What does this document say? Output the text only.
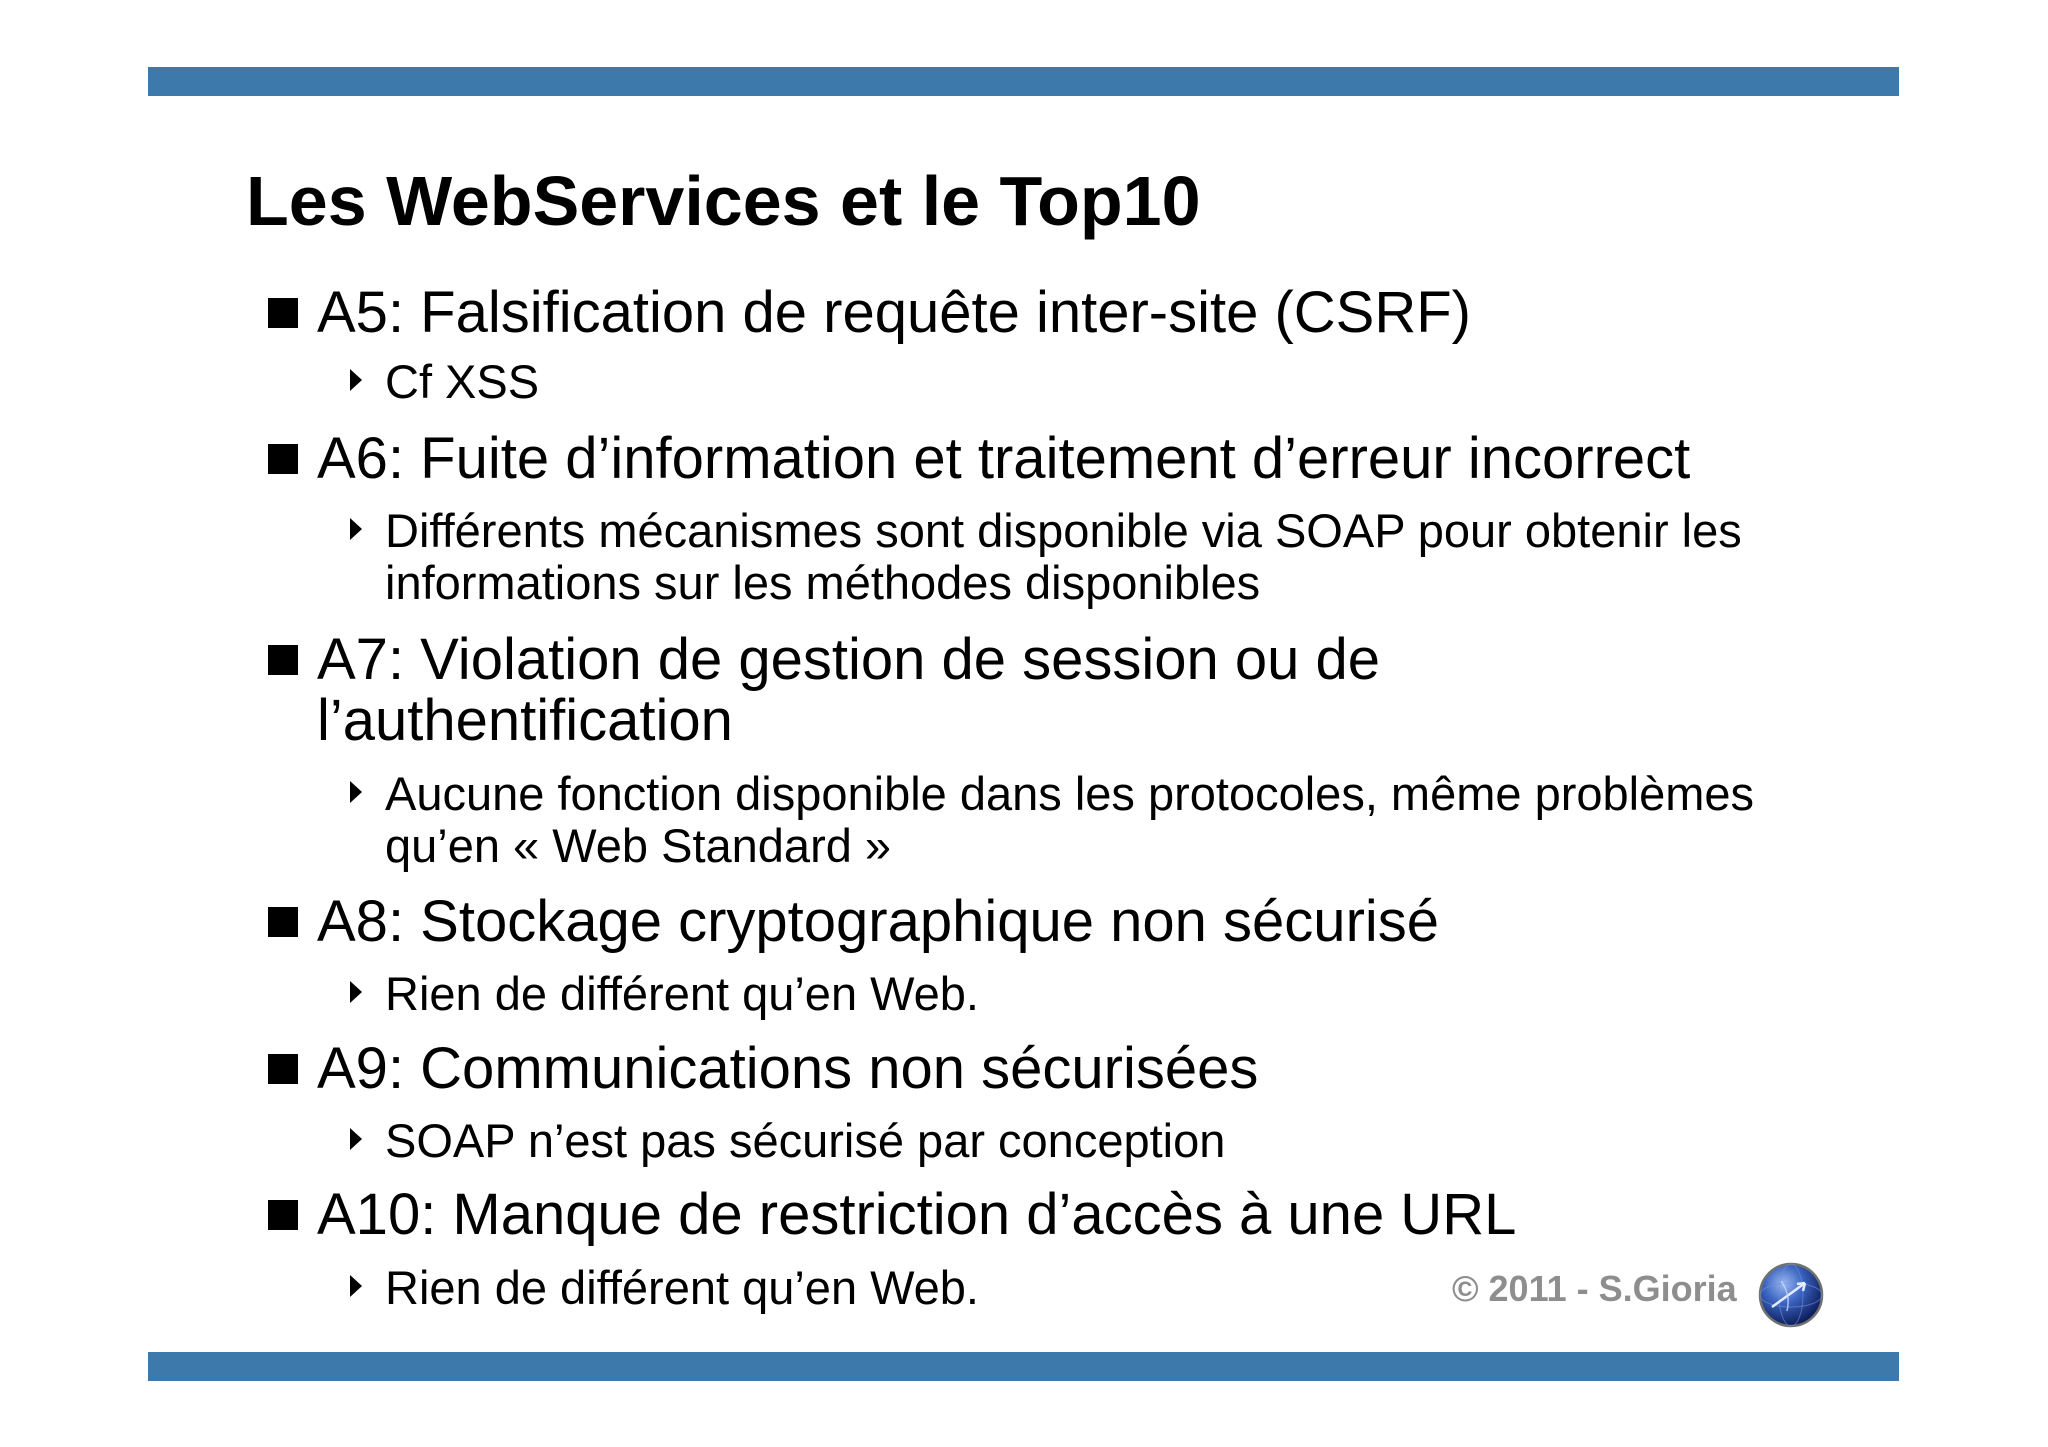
Les WebServices et le Top10
A5: Falsification de requête inter-site (CSRF)
Cf XSS
A6: Fuite d’information et traitement d’erreur incorrect
Différents mécanismes sont disponible via SOAP pour obtenir les
informations sur les méthodes disponibles
A7: Violation de gestion de session ou de
l’authentification
Aucune fonction disponible dans les protocoles, même problèmes
qu’en « Web Standard »
A8: Stockage cryptographique non sécurisé
Rien de différent qu’en Web.
A9: Communications non sécurisées
SOAP n’est pas sécurisé par conception
A10: Manque de restriction d’accès à une URL
Rien de différent qu’en Web.	© 2011 - S.Gioria
